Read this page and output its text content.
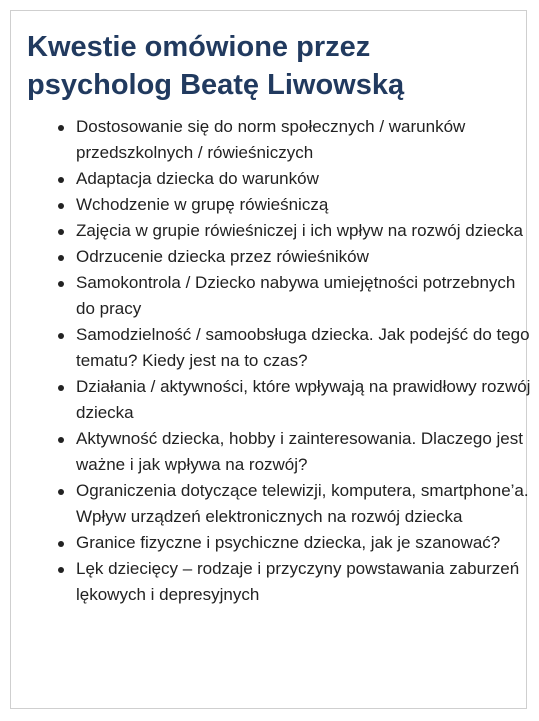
Kwestie omówione przez
psycholog Beatę Liwowską
Dostosowanie się do norm społecznych / warunków przedszkolnych / rówieśniczych
Adaptacja dziecka do warunków
Wchodzenie w grupę rówieśniczą
Zajęcia w grupie rówieśniczej i ich wpływ na rozwój dziecka
Odrzucenie dziecka przez rówieśników
Samokontrola / Dziecko nabywa umiejętności potrzebnych do pracy
Samodzielność / samoobsługa dziecka. Jak podejść do tego tematu? Kiedy jest na to czas?
Działania / aktywności, które wpływają na prawidłowy rozwój dziecka
Aktywność dziecka, hobby i zainteresowania. Dlaczego jest ważne i jak wpływa na rozwój?
Ograniczenia dotyczące telewizji, komputera, smartphone’a. Wpływ urządzeń elektronicznych na rozwój dziecka
Granice fizyczne i psychiczne dziecka, jak je szanować?
Lęk dziecięcy – rodzaje i przyczyny powstawania zaburzeń lękowych i depresyjnych
